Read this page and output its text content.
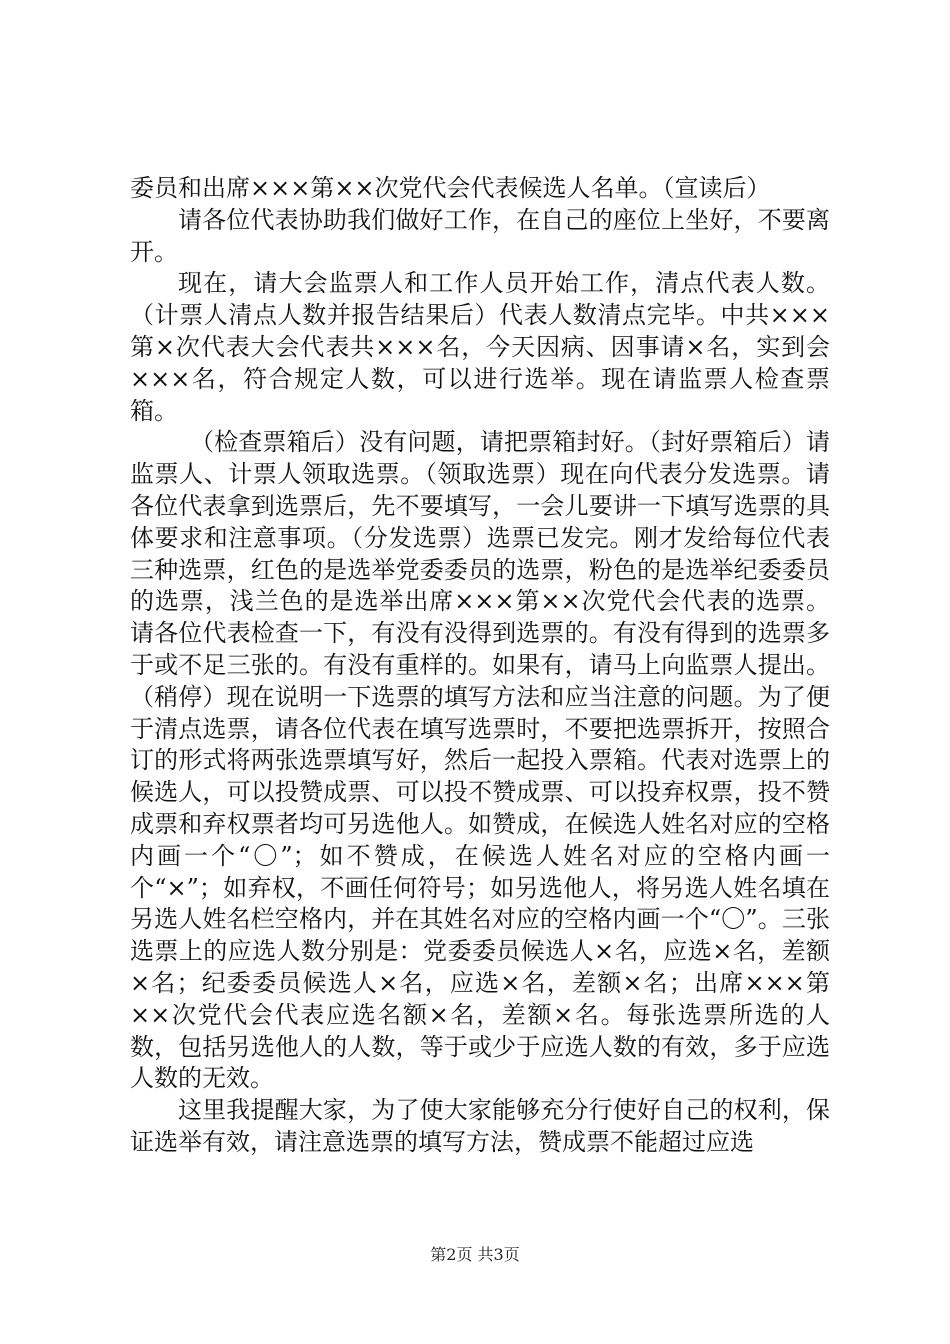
委员和出席×××第××次党代会代表候选人名单。（宣读后）

请各位代表协助我们做好工作，在自己的座位上坐好，不要离开。

现在，请大会监票人和工作人员开始工作，清点代表人数。（计票人清点人数并报告结果后）代表人数清点完毕。中共×××第×次代表大会代表共×××名，今天因病、因事请×名，实到会×××名，符合规定人数，可以进行选举。现在请监票人检查票箱。

（检查票箱后）没有问题，请把票箱封好。（封好票箱后）请监票人、计票人领取选票。（领取选票）现在向代表分发选票。请各位代表拿到选票后，先不要填写，一会儿要讲一下填写选票的具体要求和注意事项。（分发选票）选票已发完。刚才发给每位代表三种选票，红色的是选举党委委员的选票，粉色的是选举纪委委员的选票，浅兰色的是选举出席×××第××次党代会代表的选票。请各位代表检查一下，有没有没得到选票的。有没有得到的选票多于或不足三张的。有没有重样的。如果有，请马上向监票人提出。（稍停）现在说明一下选票的填写方法和应当注意的问题。为了便于清点选票，请各位代表在填写选票时，不要把选票拆开，按照合订的形式将两张选票填写好，然后一起投入票箱。代表对选票上的候选人，可以投赞成票、可以投不赞成票、可以投弃权票，投不赞成票和弃权票者均可另选他人。如赞成，在候选人姓名对应的空格内画一个“〇”；如不赞成，在候选人姓名对应的空格内画一个“×”；如弃权，不画任何符号；如另选他人，将另选人姓名填在另选人姓名栏空格内，并在其姓名对应的空格内画一个“〇”。三张选票上的应选人数分别是：党委委员候选人×名，应选×名，差额×名；纪委委员候选人×名，应选×名，差额×名；出席×××第××次党代会代表应选名额×名，差额×名。每张选票所选的人数，包括另选他人的人数，等于或少于应选人数的有效，多于应选人数的无效。

这里我提醒大家，为了使大家能够充分行使好自己的权利，保证选举有效，请注意选票的填写方法，赞成票不能超过应选

第2页 共3页
